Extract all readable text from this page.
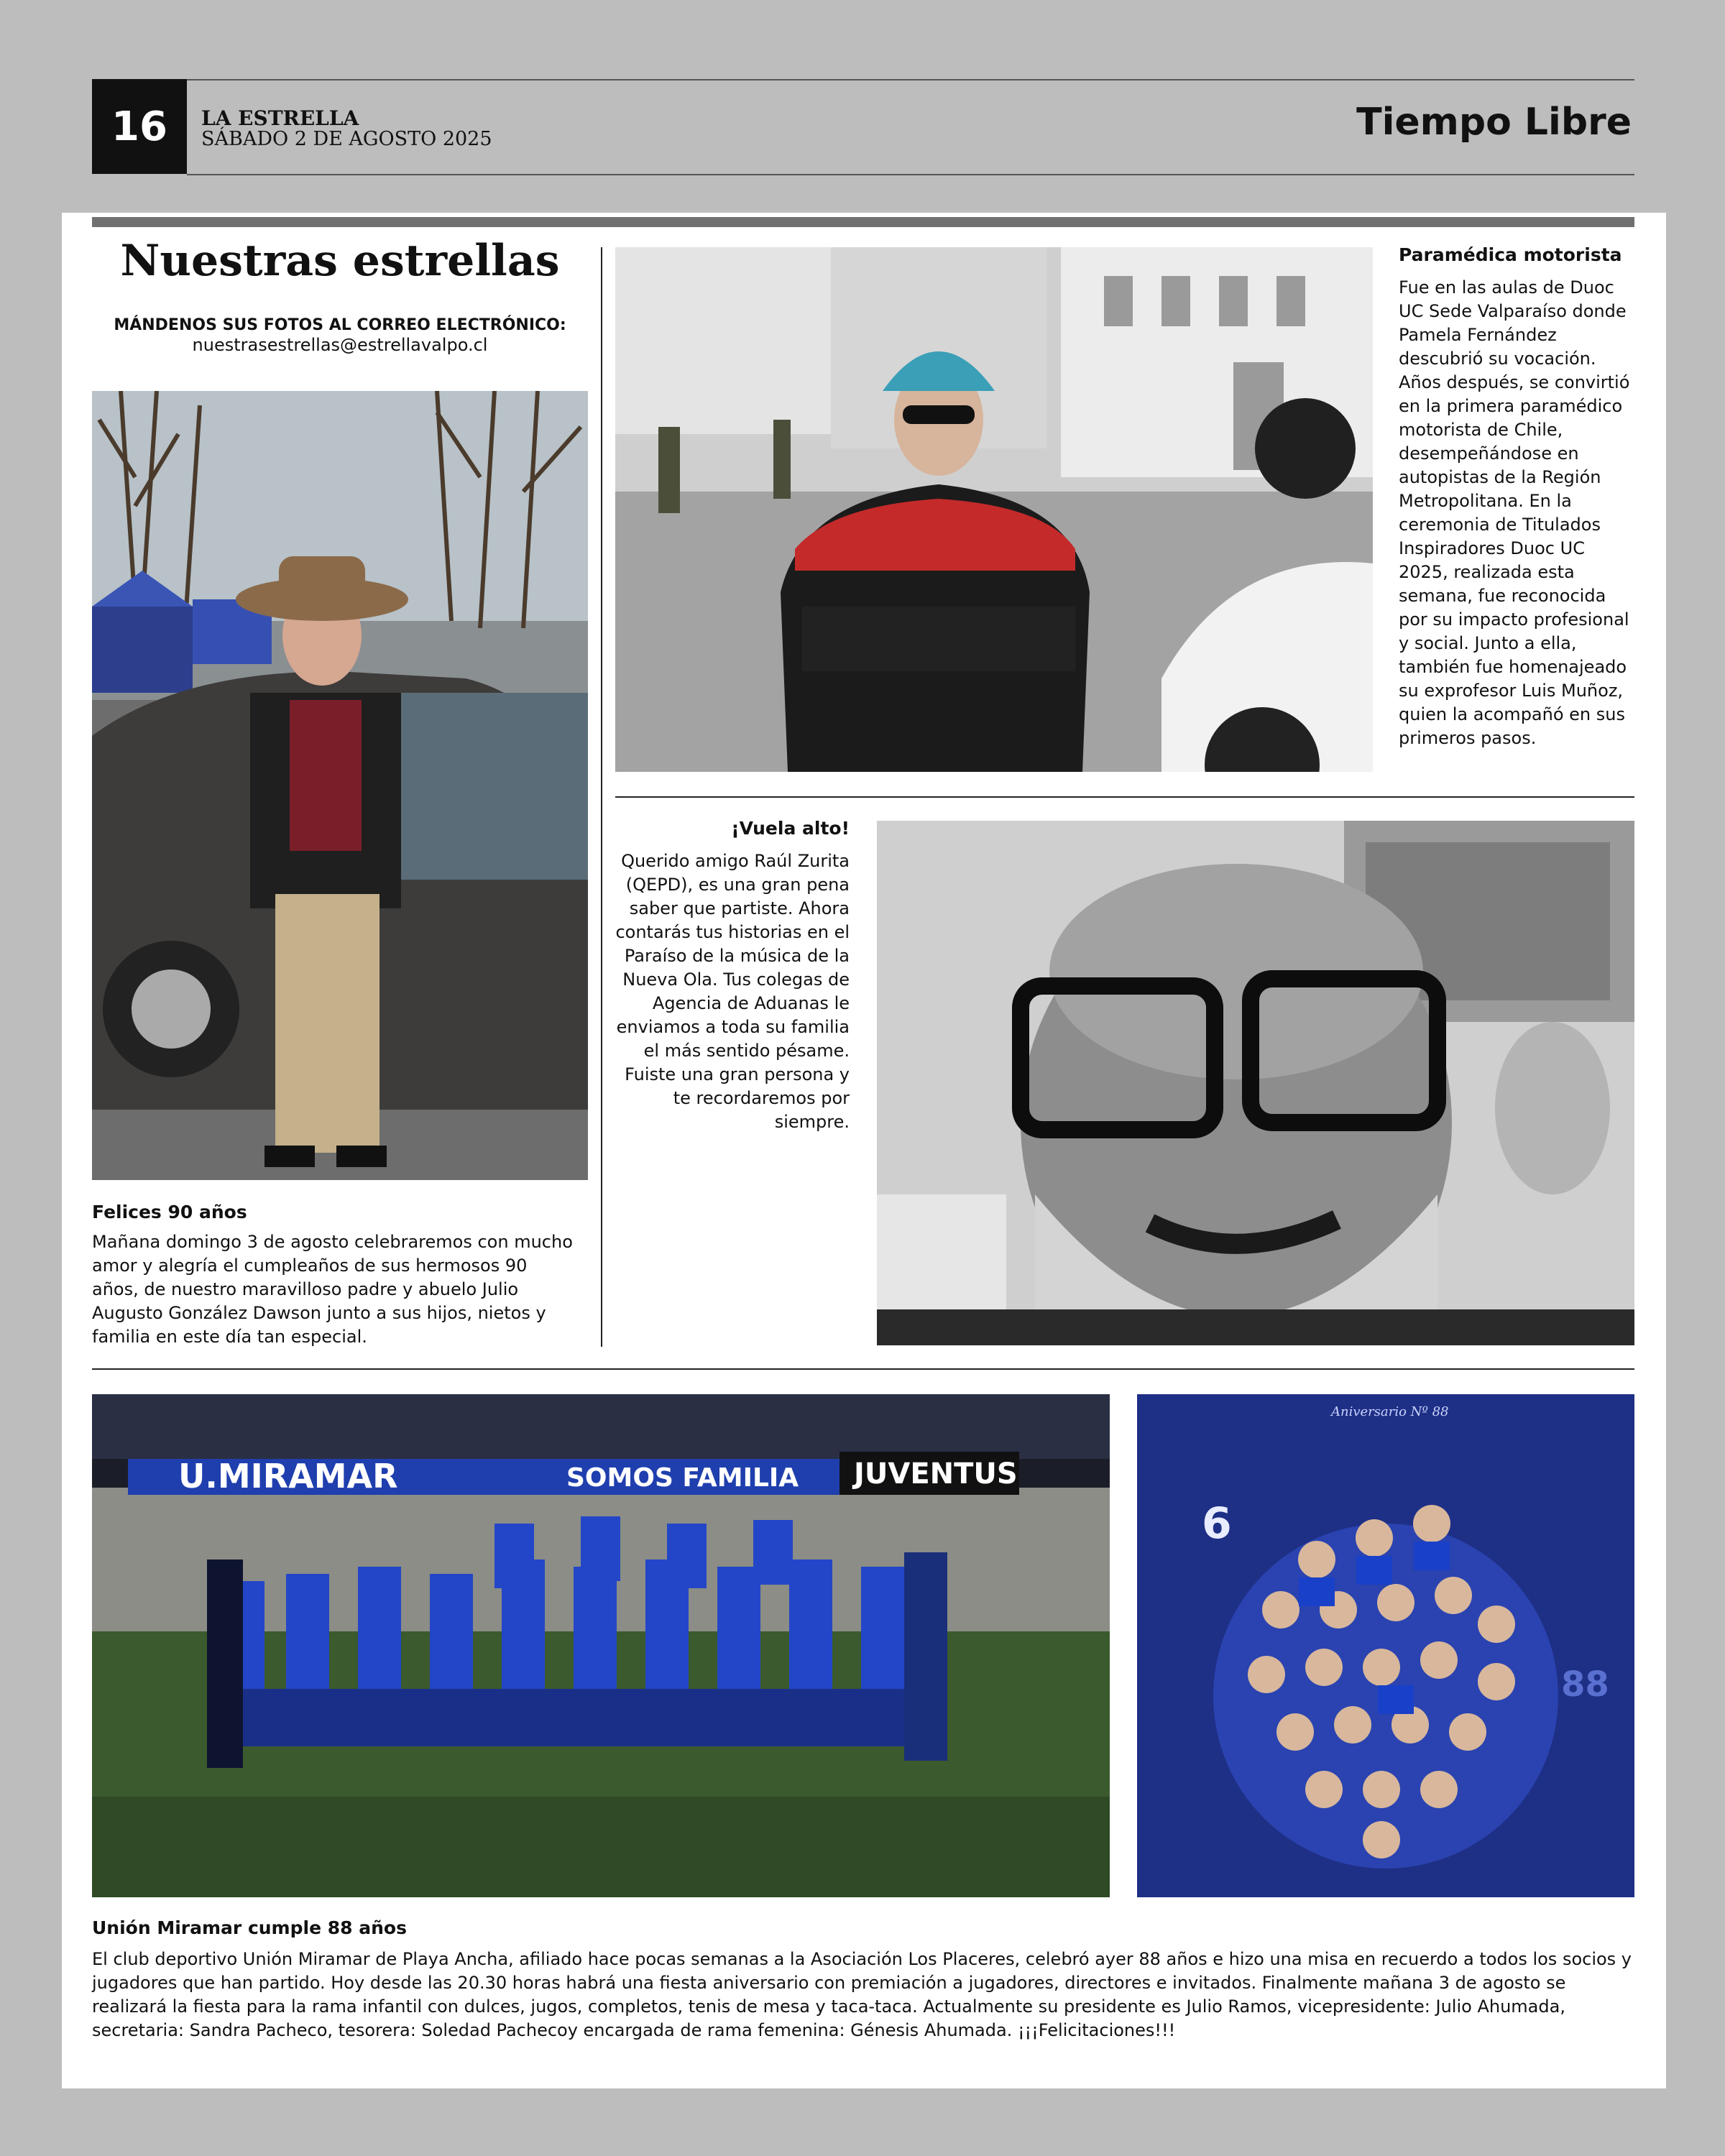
16	LA ESTRELLA
SÁBADO 2 DE AGOSTO 2025	Tiempo Libre
Nuestras estrellas
MÁNDENOS SUS FOTOS AL CORREO ELECTRÓNICO:
nuestrasestrellas@estrellavalpo.cl
Felices 90 años
Mañana domingo 3 de agosto celebraremos con mucho amor y alegría el cumpleaños de sus hermosos 90 años, de nuestro maravilloso padre y abuelo Julio Augusto González Dawson junto a sus hijos, nietos y familia en este día tan especial.
Paramédica motorista
Fue en las aulas de Duoc UC Sede Valparaíso donde Pamela Fernández descubrió su vocación. Años después, se convirtió en la primera paramédico motorista de Chile, desempeñándose en autopistas de la Región Metropolitana. En la ceremonia de Titulados Inspiradores Duoc UC 2025, realizada esta semana, fue reconocida por su impacto profesional y social. Junto a ella, también fue homenajeado su exprofesor Luis Muñoz, quien la acompañó en sus primeros pasos.
¡Vuela alto!
Querido amigo Raúl Zurita (QEPD), es una gran pena saber que partiste. Ahora contarás tus historias en el Paraíso de la música de la Nueva Ola. Tus colegas de Agencia de Aduanas le enviamos a toda su familia el más sentido pésame. Fuiste una gran persona y te recordaremos por siempre.
U.MIRAMAR	SOMOS FAMILIA JUVENTUS
Aniversario Nº 88
6
88
Unión Miramar cumple 88 años
El club deportivo Unión Miramar de Playa Ancha, afiliado hace pocas semanas a la Asociación Los Placeres, celebró ayer 88 años e hizo una misa en recuerdo a todos los socios y jugadores que han partido. Hoy desde las 20.30 horas habrá una fiesta aniversario con premiación a jugadores, directores e invitados. Finalmente mañana 3 de agosto se realizará la fiesta para la rama infantil con dulces, jugos, completos, tenis de mesa y taca-taca. Actualmente su presidente es Julio Ramos, vicepresidente: Julio Ahumada, secretaria: Sandra Pacheco, tesorera: Soledad Pachecoy encargada de rama femenina: Génesis Ahumada. ¡¡¡Felicitaciones!!!
